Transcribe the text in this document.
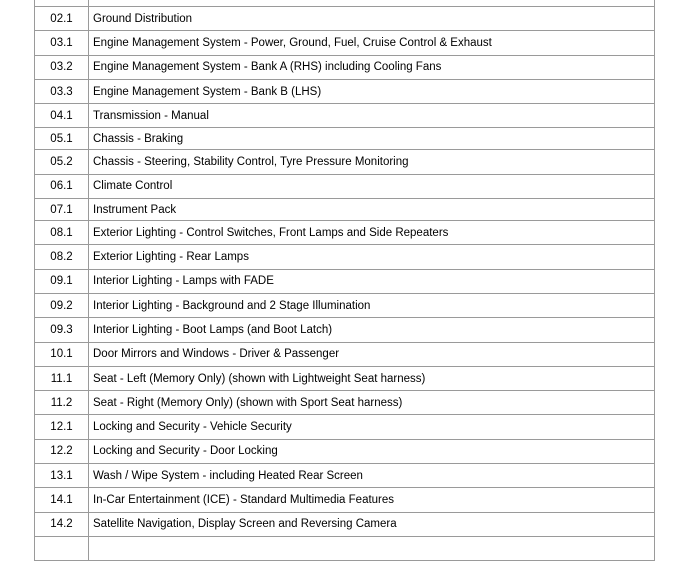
02.1	Ground Distribution
03.1	Engine Management System - Power, Ground, Fuel, Cruise Control & Exhaust
03.2	Engine Management System - Bank A (RHS) including Cooling Fans
03.3	Engine Management System - Bank B (LHS)
04.1	Transmission - Manual
05.1	Chassis - Braking
05.2	Chassis - Steering, Stability Control, Tyre Pressure Monitoring
06.1	Climate Control
07.1	Instrument Pack
08.1	Exterior Lighting - Control Switches, Front Lamps and Side Repeaters
08.2	Exterior Lighting - Rear Lamps
09.1	Interior Lighting - Lamps with FADE
09.2	Interior Lighting - Background and 2 Stage Illumination
09.3	Interior Lighting - Boot Lamps (and Boot Latch)
10.1	Door Mirrors and Windows - Driver & Passenger
11.1	Seat - Left (Memory Only) (shown with Lightweight Seat harness)
11.2	Seat - Right (Memory Only) (shown with Sport Seat harness)
12.1	Locking and Security - Vehicle Security
12.2	Locking and Security - Door Locking
13.1	Wash / Wipe System - including Heated Rear Screen
14.1	In-Car Entertainment (ICE) - Standard Multimedia Features
14.2	Satellite Navigation, Display Screen and Reversing Camera
